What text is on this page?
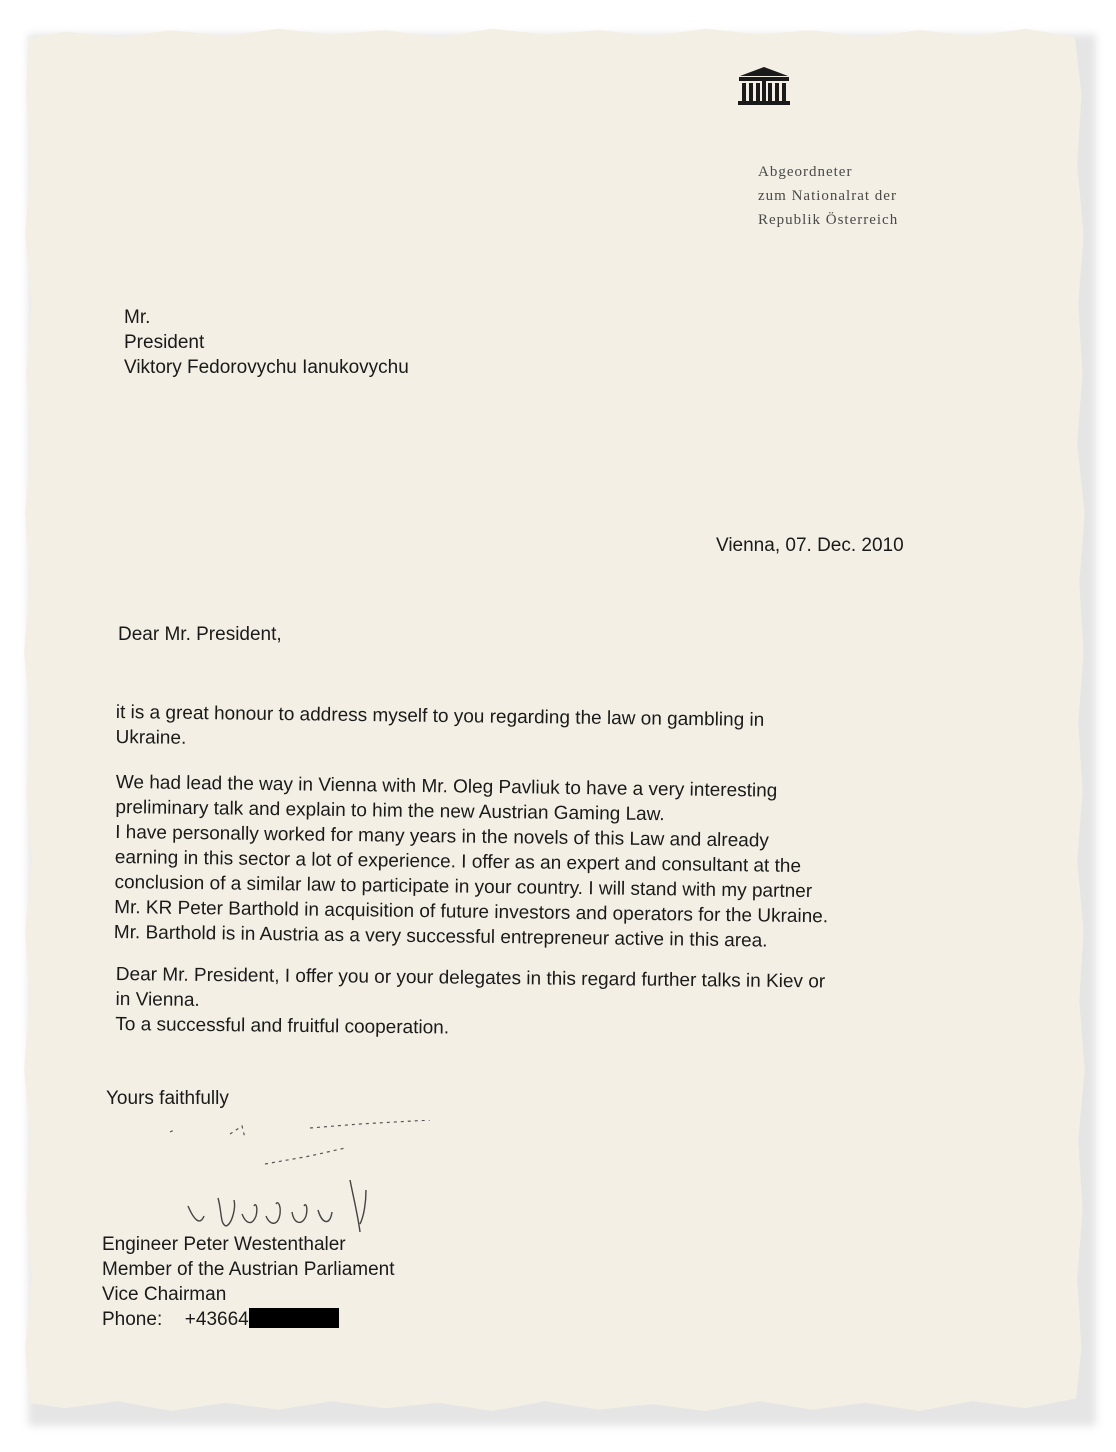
Abgeordneter
zum Nationalrat der
Republik Österreich
Mr.
President
Viktory Fedorovychu Ianukovychu
Vienna, 07. Dec. 2010
Dear Mr. President,
it is a great honour to address myself to you regarding the law on gambling in
Ukraine.
We had lead the way in Vienna with Mr. Oleg Pavliuk to have a very interesting
preliminary talk and explain to him the new Austrian Gaming Law.
I have personally worked for many years in the novels of this Law and already
earning in this sector a lot of experience. I offer as an expert and consultant at the
conclusion of a similar law to participate in your country. I will stand with my partner
Mr. KR Peter Barthold in acquisition of future investors and operators for the Ukraine.
Mr. Barthold is in Austria as a very successful entrepreneur active in this area.
Dear Mr. President, I offer you or your delegates in this regard further talks in Kiev or
in Vienna.
To a successful and fruitful cooperation.
Yours faithfully
Engineer Peter Westenthaler
Member of the Austrian Parliament
Vice Chairman
Phone: +43664
